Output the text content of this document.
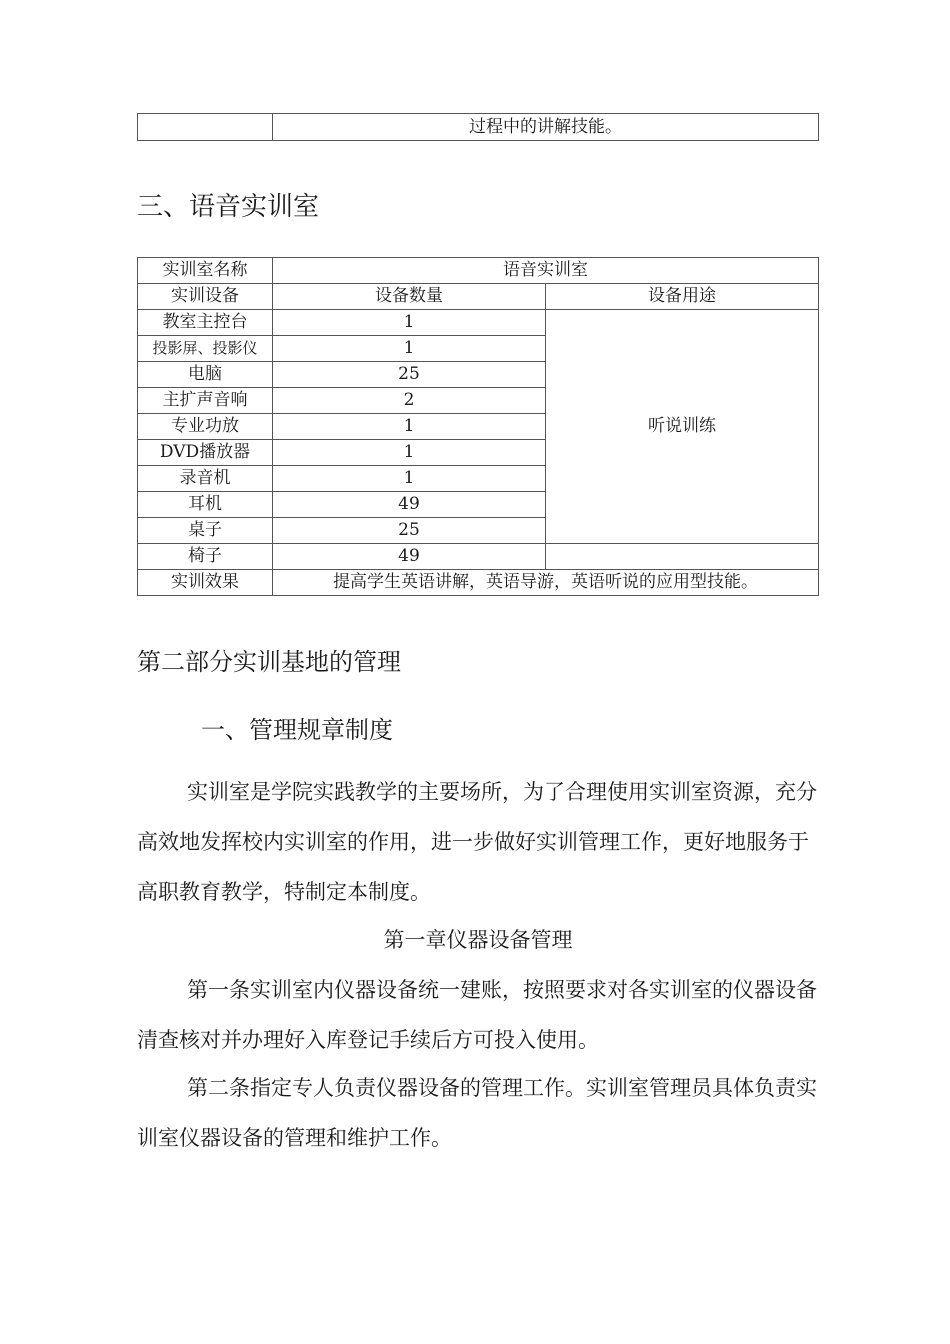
	过程中的讲解技能。
三、语音实训室
实训室名称	语音实训室	
实训设备	设备数量	设备用途
教室主控台	1	听说训练
投影屏、投影仪	1	
电脑	25	
主扩声音响	2	
专业功放	1	
DVD播放器	1	
录音机	1	
耳机	49	
桌子	25	
椅子	49	
实训效果	提高学生英语讲解，英语导游，英语听说的应用型技能。	
第二部分实训基地的管理
一、管理规章制度

实训室是学院实践教学的主要场所，为了合理使用实训室资源，充分高效地发挥校内实训室的作用，进一步做好实训管理工作，更好地服务于高职教育教学，特制定本制度。

第一章仪器设备管理

第一条实训室内仪器设备统一建账，按照要求对各实训室的仪器设备清查核对并办理好入库登记手续后方可投入使用。

第二条指定专人负责仪器设备的管理工作。实训室管理员具体负责实训室仪器设备的管理和维护工作。
